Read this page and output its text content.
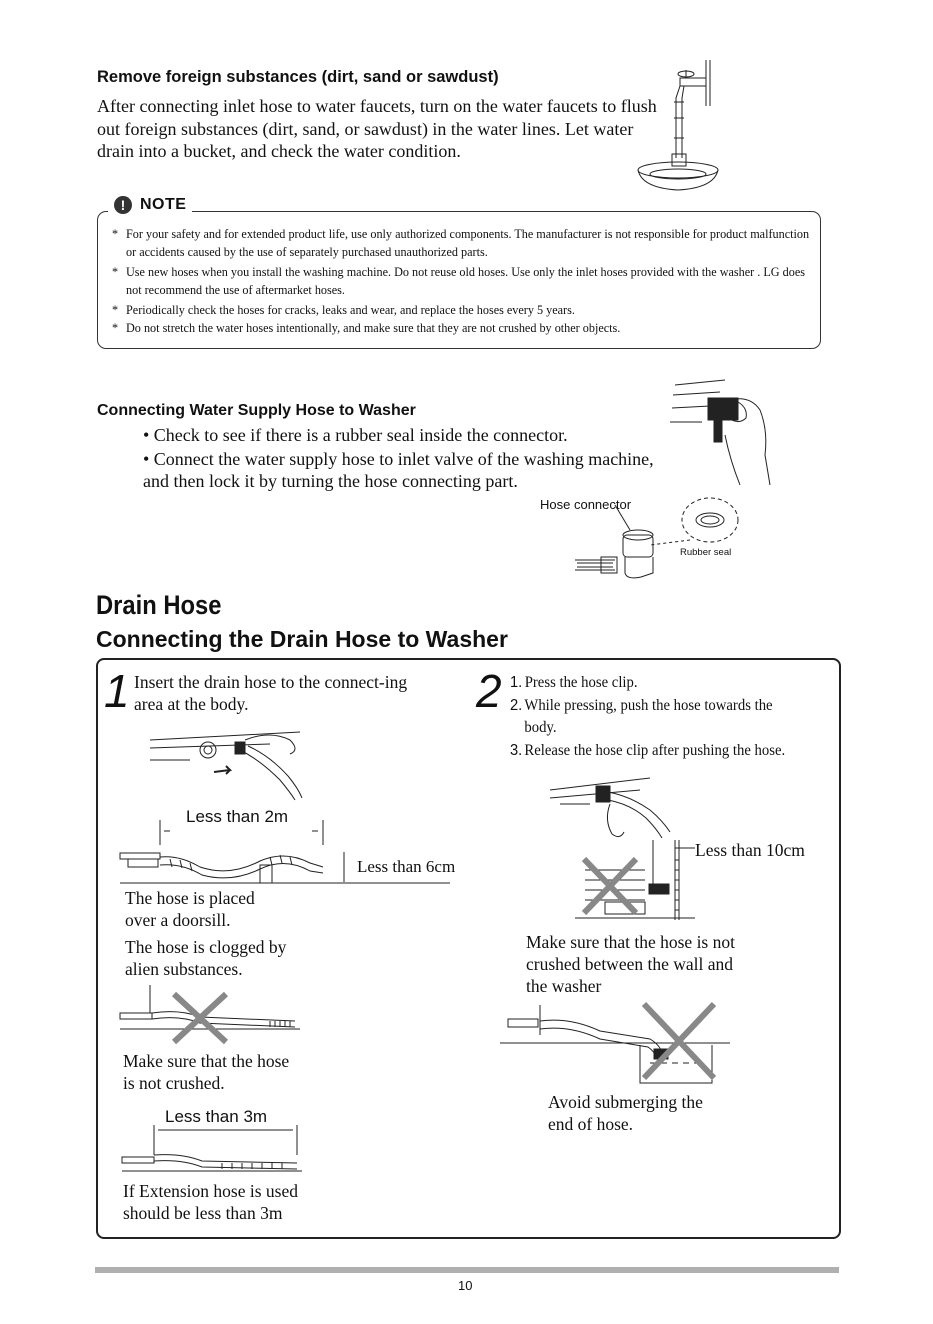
Remove foreign substances (dirt, sand or sawdust)
After connecting inlet hose to water faucets, turn on the water faucets to flush out foreign substances (dirt, sand, or sawdust) in the water lines. Let water drain into a bucket, and check the water condition.
! NOTE
* For your safety and for extended product life, use only authorized components. The manufacturer is not responsible for product malfunction or accidents caused by the use of separately purchased unauthorized parts.
* Use new hoses when you install the washing machine. Do not reuse old hoses. Use only the inlet hoses provided with the washer . LG does not recommend the use of aftermarket hoses.
* Periodically check the hoses for cracks, leaks and wear, and replace the hoses every 5 years.
* Do not stretch the water hoses intentionally, and make sure that they are not crushed by other objects.
Connecting Water Supply Hose to Washer
• Check to see if there is a rubber seal inside the connector.
• Connect the water supply hose to inlet valve of the washing machine, and then lock it by turning the hose connecting part.
Hose connector
Rubber seal
Drain Hose
Connecting the Drain Hose to Washer
1 Insert the drain hose to the connect-ing area at the body.
Less than 2m
Less than 6cm
The hose is placed over a doorsill.
The hose is clogged by alien substances.
Make sure that the hose is not crushed.
Less than 3m
If Extension hose is used should be less than 3m
2 1. Press the hose clip.
2. While pressing, push the hose towards the body.
3. Release the hose clip after pushing the hose.
Less than 10cm
Make sure that the hose is not crushed between the wall and the washer
Avoid submerging the end of hose.
10
